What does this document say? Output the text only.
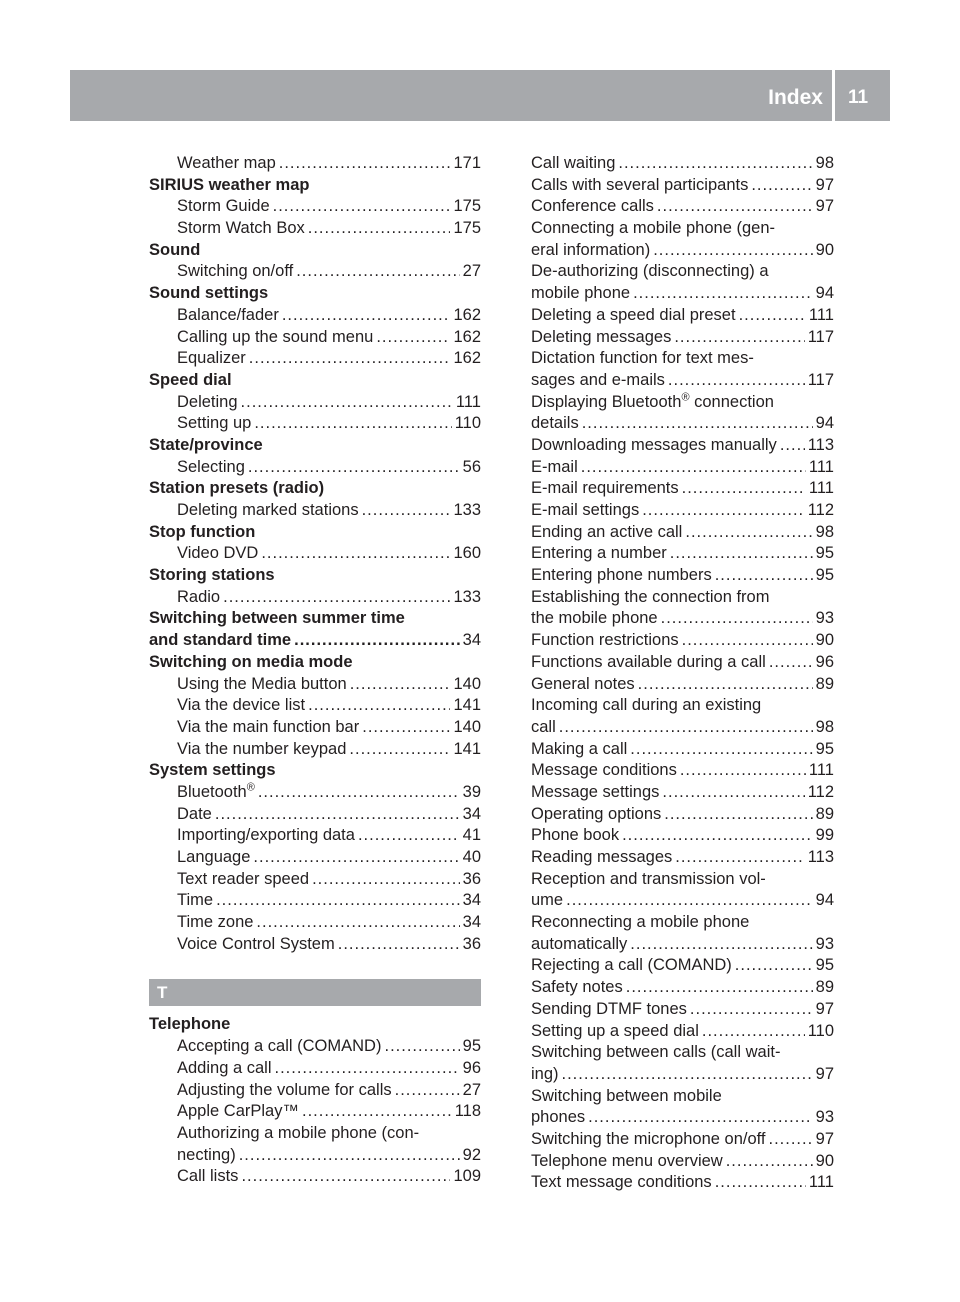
Index	11
Weather map .....	171
SIRIUS weather map
Storm Guide .....	175
Storm Watch Box .....	175
Sound
Switching on/off .....	27
Sound settings
Balance/fader .....	162
Calling up the sound menu .....	162
Equalizer .....	162
Speed dial
Deleting .....	111
Setting up .....	110
State/province
Selecting .....	56
Station presets (radio)
Deleting marked stations .....	133
Stop function
Video DVD .....	160
Storing stations
Radio .....	133
Switching between summer time
and standard time .....	34
Switching on media mode
Using the Media button .....	140
Via the device list .....	141
Via the main function bar .....	140
Via the number keypad .....	141
System settings
Bluetooth® .....	39
Date .....	34
Importing/exporting data .....	41
Language .....	40
Text reader speed .....	36
Time .....	34
Time zone .....	34
Voice Control System .....	36
T
Telephone
Accepting a call (COMAND) .....	95
Adding a call .....	96
Adjusting the volume for calls .....	27
Apple CarPlay™ .....	118
Authorizing a mobile phone (con-
necting) .....	92
Call lists .....	109
Call waiting .....	98
Calls with several participants .....	97
Conference calls .....	97
Connecting a mobile phone (gen-
eral information) .....	90
De-authorizing (disconnecting) a
mobile phone .....	94
Deleting a speed dial preset .....	111
Deleting messages .....	117
Dictation function for text mes-
sages and e-mails .....	117
Displaying Bluetooth® connection
details .....	94
Downloading messages manually ..... 113
E-mail .....	111
E-mail requirements .....	111
E-mail settings .....	112
Ending an active call .....	98
Entering a number .....	95
Entering phone numbers .....	95
Establishing the connection from
the mobile phone .....	93
Function restrictions .....	90
Functions available during a call .....	96
General notes .....	89
Incoming call during an existing
call .....	98
Making a call .....	95
Message conditions .....	111
Message settings .....	112
Operating options .....	89
Phone book .....	99
Reading messages .....	113
Reception and transmission vol-
ume .....	94
Reconnecting a mobile phone
automatically .....	93
Rejecting a call (COMAND) .....	95
Safety notes .....	89
Sending DTMF tones .....	97
Setting up a speed dial .....	110
Switching between calls (call wait-
ing) .....	97
Switching between mobile
phones .....	93
Switching the microphone on/off .....	97
Telephone menu overview .....	90
Text message conditions .....	111
